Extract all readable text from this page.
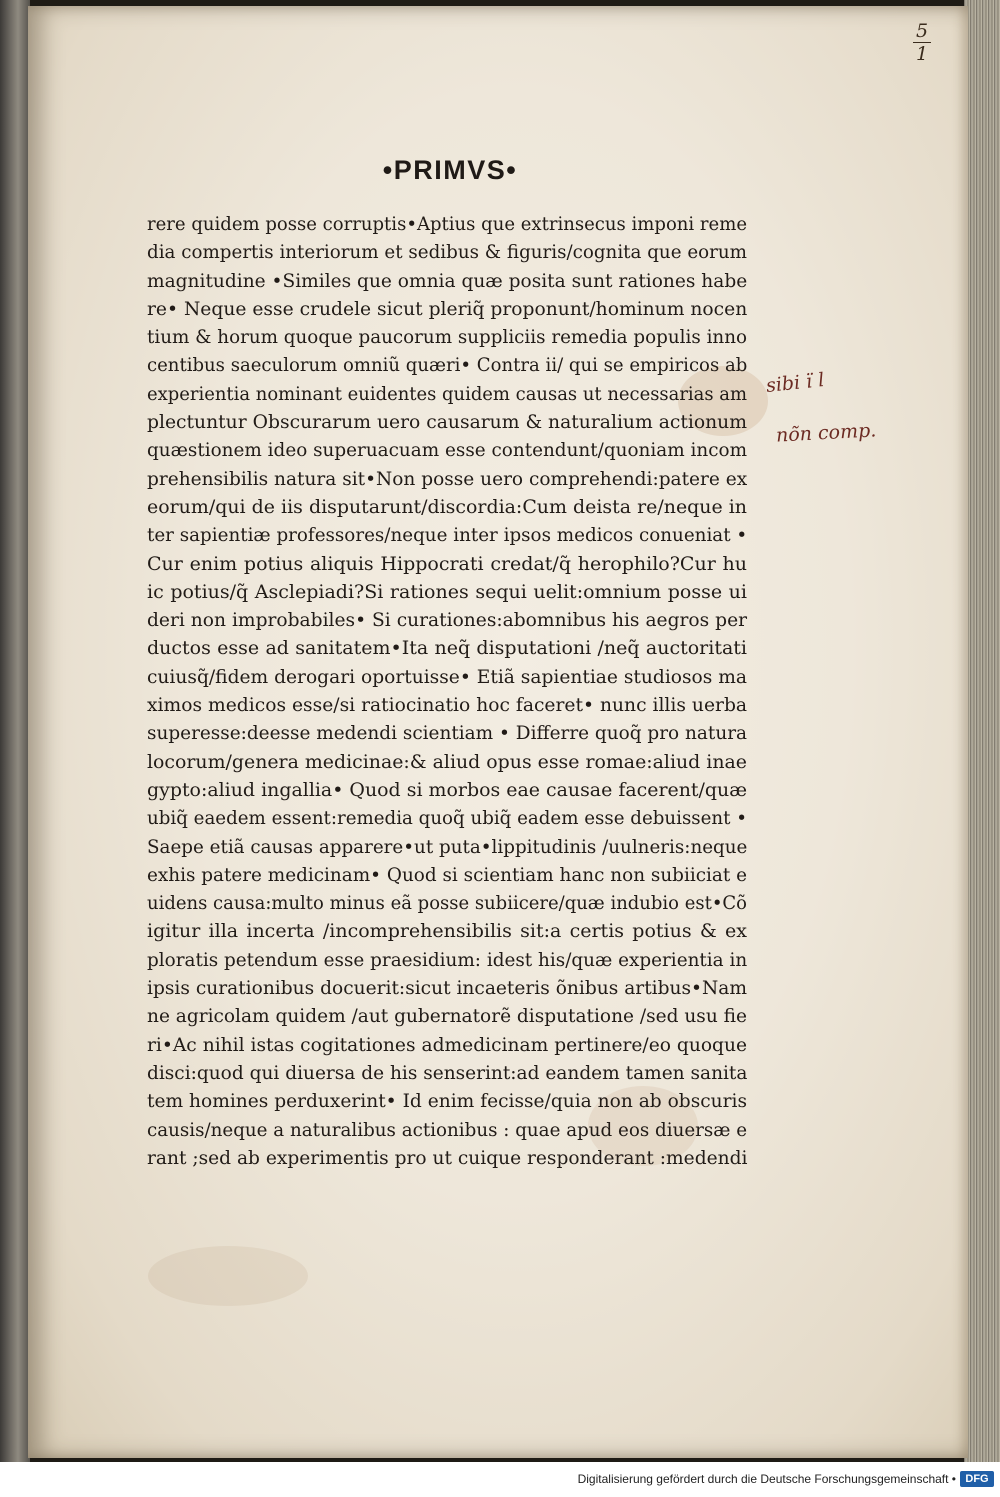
5
1
•PRIMVS•
rere quidem posse corruptis•Aptius que extrinsecus imponi reme
dia compertis interiorum et sedibus & figuris/cognita que eorum
magnitudine •Similes que omnia quæ posita sunt rationes habe
re• Neque esse crudele sicut pleriq̃ proponunt/hominum nocen
tium & horum quoque paucorum suppliciis remedia populis inno
centibus saeculorum omniũ quæri• Contra ii/ qui se empiricos ab
experientia nominant euidentes quidem causas ut necessarias am
plectuntur Obscurarum uero causarum & naturalium actionum
quæstionem ideo superuacuam esse contendunt/quoniam incom
prehensibilis natura sit•Non posse uero comprehendi:patere ex
eorum/qui de iis disputarunt/discordia:Cum deista re/neque in
ter sapientiæ professores/neque inter ipsos medicos conueniat •
Cur enim potius aliquis Hippocrati credat/q̃ herophilo?Cur hu
ic potius/q̃ Asclepiadi?Si rationes sequi uelit:omnium posse ui
deri non improbabiles• Si curationes:abomnibus his aegros per
ductos esse ad sanitatem•Ita neq̃ disputationi /neq̃ auctoritati
cuiusq̃/fidem derogari oportuisse• Etiã sapientiae studiosos ma
ximos medicos esse/si ratiocinatio hoc faceret• nunc illis uerba
superesse:deesse medendi scientiam • Differre quoq̃ pro natura
locorum/genera medicinae:& aliud opus esse romae:aliud inae
gypto:aliud ingallia• Quod si morbos eae causae facerent/quæ
ubiq̃ eaedem essent:remedia quoq̃ ubiq̃ eadem esse debuissent •
Saepe etiã causas apparere•ut puta•lippitudinis /uulneris:neque
exhis patere medicinam• Quod si scientiam hanc non subiiciat e
uidens causa:multo minus eã posse subiicere/quæ indubio est•Cõ
igitur illa incerta /incomprehensibilis sit:a certis potius & ex
ploratis petendum esse praesidium: idest his/quæ experientia in
ipsis curationibus docuerit:sicut incaeteris õnibus artibus•Nam
ne agricolam quidem /aut gubernatorẽ disputatione /sed usu fie
ri•Ac nihil istas cogitationes admedicinam pertinere/eo quoque
disci:quod qui diuersa de his senserint:ad eandem tamen sanita
tem homines perduxerint• Id enim fecisse/quia non ab obscuris
causis/neque a naturalibus actionibus : quae apud eos diuersæ e
rant ;sed ab experimentis pro ut cuique responderant :medendi
sibi ï l
nõn comp.
Digitalisierung gefördert durch die Deutsche Forschungsgemeinschaft • DFG
